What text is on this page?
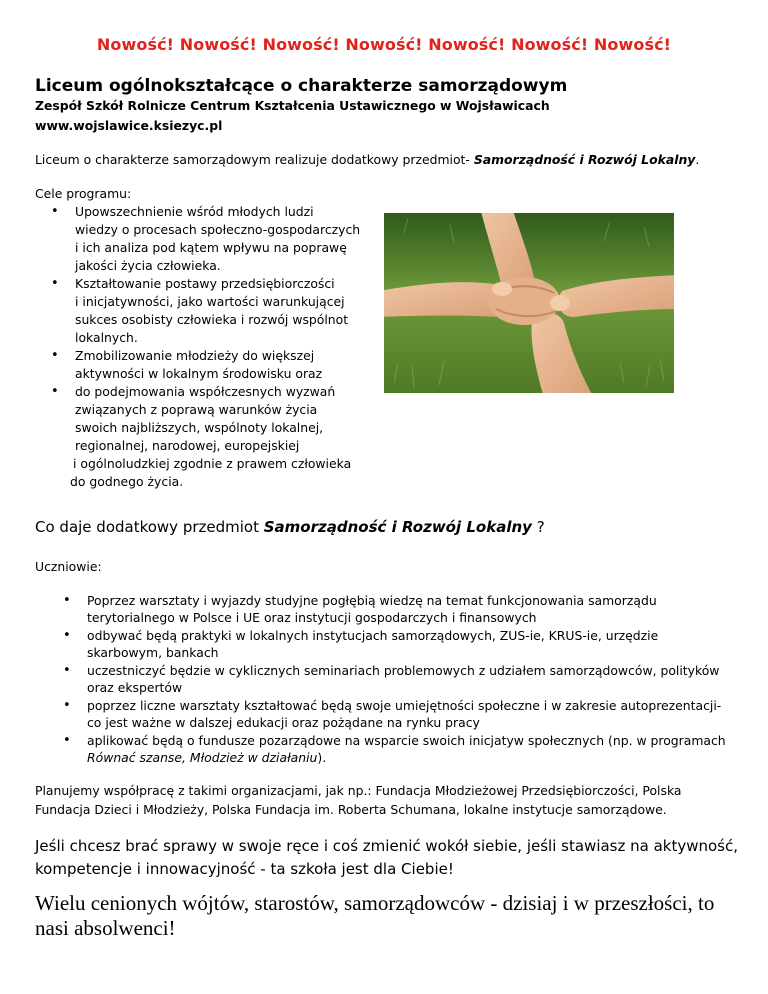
Nowość! Nowość! Nowość! Nowość! Nowość! Nowość! Nowość!
Liceum ogólnokształcące o charakterze samorządowym
Zespół Szkół Rolnicze Centrum Kształcenia Ustawicznego w Wojsławicach
www.wojslawice.ksiezyc.pl
Liceum o charakterze samorządowym realizuje dodatkowy przedmiot- Samorządność i Rozwój Lokalny.
Cele programu:
• Upowszechnienie wśród młodych ludzi
wiedzy o procesach społeczno-gospodarczych
i ich analiza pod kątem wpływu na poprawę
jakości życia człowieka.
• Kształtowanie postawy przedsiębiorczości
i inicjatywności, jako wartości warunkującej
sukces osobisty człowieka i rozwój wspólnot
lokalnych.
• Zmobilizowanie młodzieży do większej
aktywności w lokalnym środowisku oraz
• do podejmowania współczesnych wyzwań
związanych z poprawą warunków życia
swoich najbliższych, wspólnoty lokalnej,
regionalnej, narodowej, europejskiej
i ogólnoludzkiej zgodnie z prawem człowieka
do godnego życia.
Co daje dodatkowy przedmiot Samorządność i Rozwój Lokalny ?
Uczniowie:
• Poprzez warsztaty i wyjazdy studyjne pogłębią wiedzę na temat funkcjonowania samorządu
terytorialnego w Polsce i UE oraz instytucji gospodarczych i finansowych
• odbywać będą praktyki w lokalnych instytucjach samorządowych, ZUS-ie, KRUS-ie, urzędzie
skarbowym, bankach
• uczestniczyć będzie w cyklicznych seminariach problemowych z udziałem samorządowców, polityków
oraz ekspertów
• poprzez liczne warsztaty kształtować będą swoje umiejętności społeczne i w zakresie autoprezentacji-
co jest ważne w dalszej edukacji oraz pożądane na rynku pracy
• aplikować będą o fundusze pozarządowe na wsparcie swoich inicjatyw społecznych (np. w programach
Równać szanse, Młodzież w działaniu).
Planujemy współpracę z takimi organizacjami, jak np.: Fundacja Młodzieżowej Przedsiębiorczości, Polska
Fundacja Dzieci i Młodzieży, Polska Fundacja im. Roberta Schumana, lokalne instytucje samorządowe.
Jeśli chcesz brać sprawy w swoje ręce i coś zmienić wokół siebie, jeśli stawiasz na aktywność,
kompetencje i innowacyjność - ta szkoła jest dla Ciebie!
Wielu cenionych wójtów, starostów, samorządowców - dzisiaj i w przeszłości, to
nasi absolwenci!
